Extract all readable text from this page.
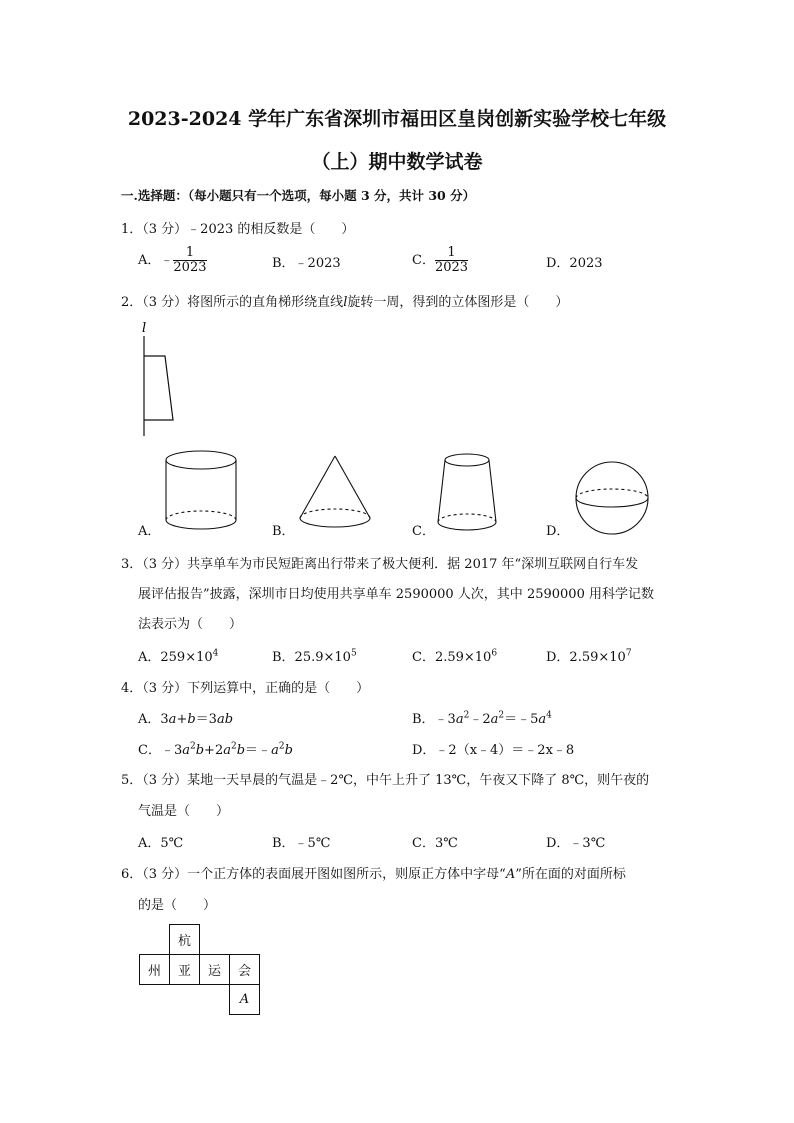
2023-2024 学年广东省深圳市福田区皇岗创新实验学校七年级
（上）期中数学试卷
一.选择题：（每小题只有一个选项，每小题 3 分，共计 30 分）
1．（3 分）﹣2023 的相反数是（　　）
A．﹣ $\frac{1}{2023}$	B．﹣2023	C． $\frac{1}{2023}$	D．2023
2．（3 分）将图所示的直角梯形绕直线l旋转一周，得到的立体图形是（　　）
l
A．	B．	C．	D．
3．（3 分）共享单车为市民短距离出行带来了极大便利．据 2017 年“深圳互联网自行车发
展评估报告”披露，深圳市日均使用共享单车 2590000 人次，其中 2590000 用科学记数
法表示为（　　）
A．$259\times 10^4$	B．$25.9\times 10^5$	C．$2.59\times 10^6$	D．$2.59\times 10^7$
4．（3 分）下列运算中，正确的是（　　）
A．3a+b＝3ab	B．$﹣3a^2﹣2a^2=﹣5a^4$
C．$﹣3a^2b+2a^2b=﹣a^2b$	D．﹣2（x﹣4）＝﹣2x﹣8
5．（3 分）某地一天早晨的气温是﹣2℃，中午上升了 13℃，午夜又下降了 8℃，则午夜的
气温是（　　）
A．5℃	B．﹣5℃	C．3℃	D．﹣3℃
6．（3 分）一个正方体的表面展开图如图所示，则原正方体中字母“A”所在面的对面所标
的是（　　）
	杭		
州	亚	运	会
			A
